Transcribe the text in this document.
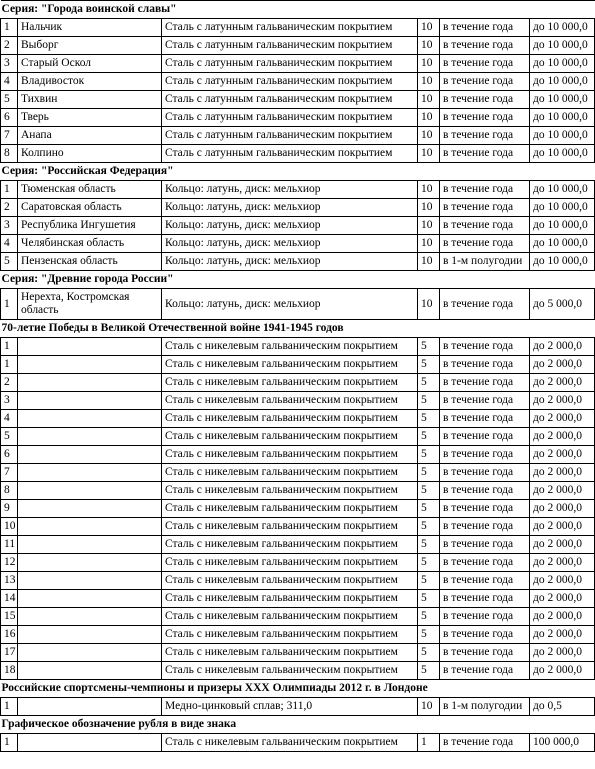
Серия: "Города воинской славы"					
1	Нальчик	Сталь с латунным гальваническим покрытием	10	в течение года	до 10 000,0
2	Выборг	Сталь с латунным гальваническим покрытием	10	в течение года	до 10 000,0
3	Старый Оскол	Сталь с латунным гальваническим покрытием	10	в течение года	до 10 000,0
4	Владивосток	Сталь с латунным гальваническим покрытием	10	в течение года	до 10 000,0
5	Тихвин	Сталь с латунным гальваническим покрытием	10	в течение года	до 10 000,0
6	Тверь	Сталь с латунным гальваническим покрытием	10	в течение года	до 10 000,0
7	Анапа	Сталь с латунным гальваническим покрытием	10	в течение года	до 10 000,0
8	Колпино	Сталь с латунным гальваническим покрытием	10	в течение года	до 10 000,0
Серия: "Российская Федерация"					
1	Тюменская область	Кольцо: латунь, диск: мельхиор	10	в течение года	до 10 000,0
2	Саратовская область	Кольцо: латунь, диск: мельхиор	10	в течение года	до 10 000,0
3	Республика Ингушетия	Кольцо: латунь, диск: мельхиор	10	в течение года	до 10 000,0
4	Челябинская область	Кольцо: латунь, диск: мельхиор	10	в течение года	до 10 000,0
5	Пензенская область	Кольцо: латунь, диск: мельхиор	10	в 1-м полугодии	до 10 000,0
Серия: "Древние города России"					
1	Нерехта, Костромская область	Кольцо: латунь, диск: мельхиор	10	в течение года	до 5 000,0
70-летие Победы в Великой Отечественной войне 1941-1945 годов					
1		Сталь с никелевым гальваническим покрытием	5	в течение года	до 2 000,0
1		Сталь с никелевым гальваническим покрытием	5	в течение года	до 2 000,0
2		Сталь с никелевым гальваническим покрытием	5	в течение года	до 2 000,0
3		Сталь с никелевым гальваническим покрытием	5	в течение года	до 2 000,0
4		Сталь с никелевым гальваническим покрытием	5	в течение года	до 2 000,0
5		Сталь с никелевым гальваническим покрытием	5	в течение года	до 2 000,0
6		Сталь с никелевым гальваническим покрытием	5	в течение года	до 2 000,0
7		Сталь с никелевым гальваническим покрытием	5	в течение года	до 2 000,0
8		Сталь с никелевым гальваническим покрытием	5	в течение года	до 2 000,0
9		Сталь с никелевым гальваническим покрытием	5	в течение года	до 2 000,0
10		Сталь с никелевым гальваническим покрытием	5	в течение года	до 2 000,0
11		Сталь с никелевым гальваническим покрытием	5	в течение года	до 2 000,0
12		Сталь с никелевым гальваническим покрытием	5	в течение года	до 2 000,0
13		Сталь с никелевым гальваническим покрытием	5	в течение года	до 2 000,0
14		Сталь с никелевым гальваническим покрытием	5	в течение года	до 2 000,0
15		Сталь с никелевым гальваническим покрытием	5	в течение года	до 2 000,0
16		Сталь с никелевым гальваническим покрытием	5	в течение года	до 2 000,0
17		Сталь с никелевым гальваническим покрытием	5	в течение года	до 2 000,0
18		Сталь с никелевым гальваническим покрытием	5	в течение года	до 2 000,0
Российские спортсмены-чемпионы и призеры XXX Олимпиады 2012 г. в Лондоне					
1		Медно-цинковый сплав; 311,0	10	в 1-м полугодии	до 0,5
Графическое обозначение рубля в виде знака					
1		Сталь с никелевым гальваническим покрытием	1	в течение года	100 000,0
